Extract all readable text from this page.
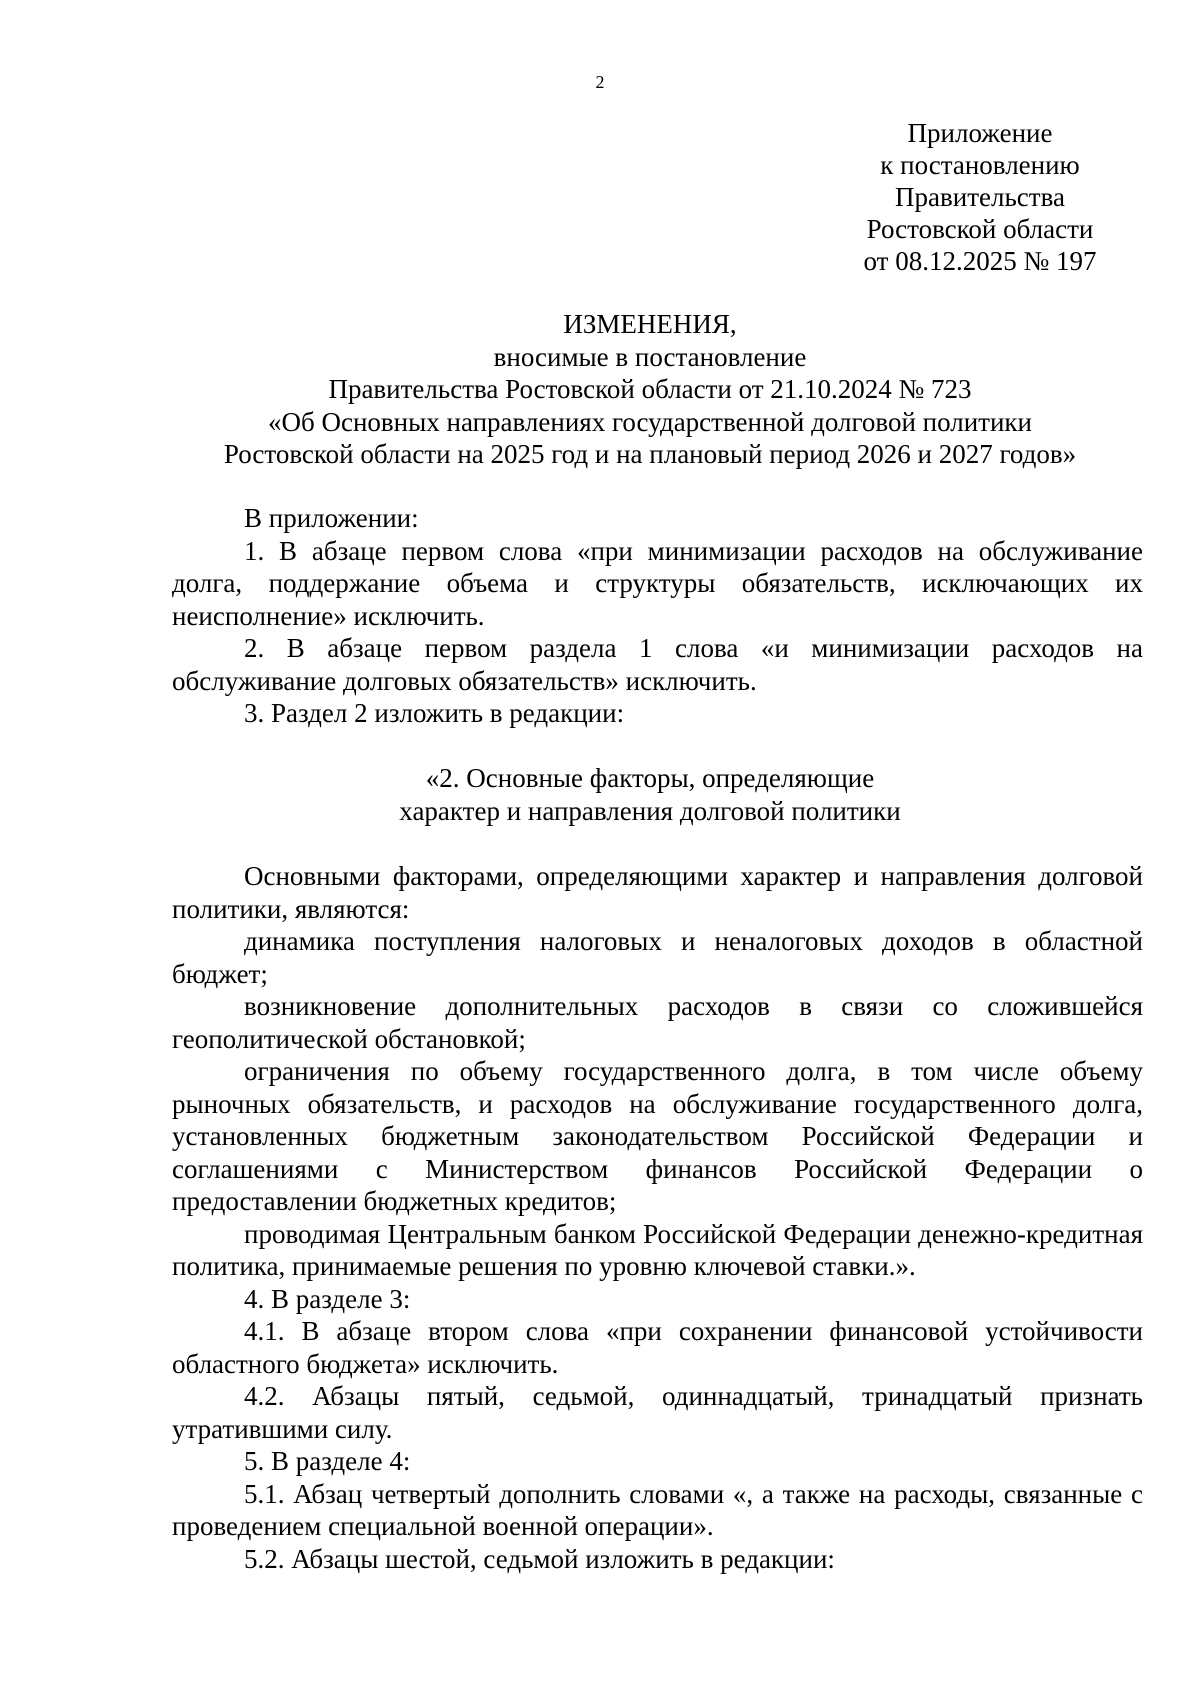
2
Приложение
к постановлению
Правительства
Ростовской области
от 08.12.2025 № 197
ИЗМЕНЕНИЯ,
вносимые в постановление
Правительства Ростовской области от 21.10.2024 № 723
«Об Основных направлениях государственной долговой политики
Ростовской области на 2025 год и на плановый период 2026 и 2027 годов»

В приложении:

1. В абзаце первом слова «при минимизации расходов на обслуживание долга, поддержание объема и структуры обязательств, исключающих их неисполнение» исключить.

2. В абзаце первом раздела 1 слова «и минимизации расходов на обслуживание долговых обязательств» исключить.

3. Раздел 2 изложить в редакции:

«2. Основные факторы, определяющие
характер и направления долговой политики

Основными факторами, определяющими характер и направления долговой политики, являются:

динамика поступления налоговых и неналоговых доходов в областной бюджет;

возникновение дополнительных расходов в связи со сложившейся геополитической обстановкой;

ограничения по объему государственного долга, в том числе объему рыночных обязательств, и расходов на обслуживание государственного долга, установленных бюджетным законодательством Российской Федерации и соглашениями с Министерством финансов Российской Федерации о предоставлении бюджетных кредитов;

проводимая Центральным банком Российской Федерации денежно-кредитная политика, принимаемые решения по уровню ключевой ставки.».

4. В разделе 3:

4.1. В абзаце втором слова «при сохранении финансовой устойчивости областного бюджета» исключить.

4.2. Абзацы пятый, седьмой, одиннадцатый, тринадцатый признать утратившими силу.

5. В разделе 4:

5.1. Абзац четвертый дополнить словами «, а также на расходы, связанные с проведением специальной военной операции».

5.2. Абзацы шестой, седьмой изложить в редакции:
